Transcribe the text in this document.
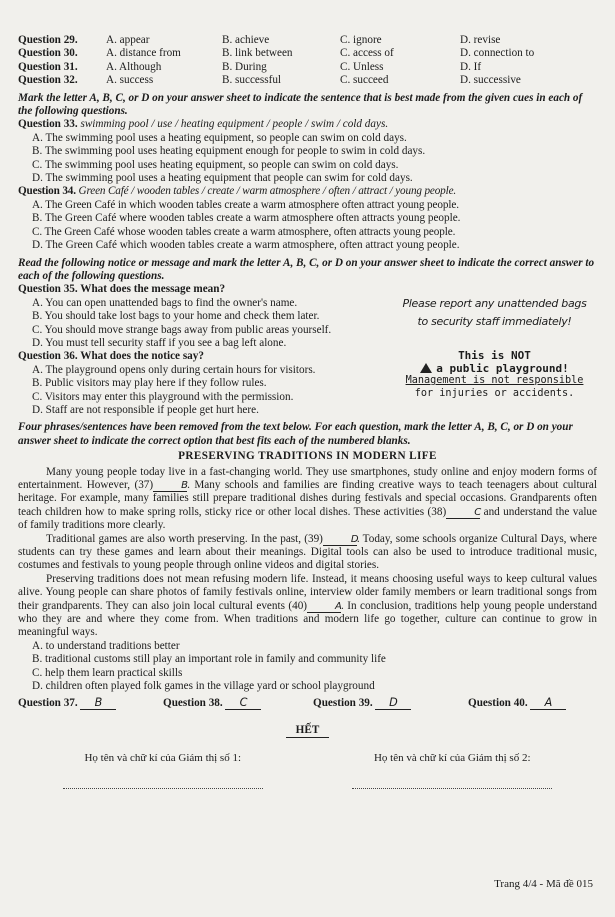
Question 29.	A. appear	B. achieve	C. ignore	D. revise
Question 30.	A. distance from	B. link between	C. access of	D. connection to
Question 31.	A. Although	B. During	C. Unless	D. If
Question 32.	A. success	B. successful	C. succeed	D. successive
Mark the letter A, B, C, or D on your answer sheet to indicate the sentence that is best made from the given cues in each of the following questions.
Question 33. swimming pool / use / heating equipment / people / swim / cold days.
A. The swimming pool uses a heating equipment, so people can swim on cold days.
B. The swimming pool uses heating equipment enough for people to swim in cold days.
C. The swimming pool uses heating equipment, so people can swim on cold days.
D. The swimming pool uses a heating equipment that people can swim for cold days.
Question 34. Green Café / wooden tables / create / warm atmosphere / often / attract / young people.
A. The Green Café in which wooden tables create a warm atmosphere often attract young people.
B. The Green Café where wooden tables create a warm atmosphere often attracts young people.
C. The Green Café whose wooden tables create a warm atmosphere, often attracts young people.
D. The Green Café which wooden tables create a warm atmosphere, often attract young people.
Read the following notice or message and mark the letter A, B, C, or D on your answer sheet to indicate the correct answer to each of the following questions.
Question 35. What does the message mean?
A. You can open unattended bags to find the owner's name.
B. You should take lost bags to your home and check them later.
C. You should move strange bags away from public areas yourself.
D. You must tell security staff if you see a bag left alone.
Please report any unattended bags
to security staff immediately!
Question 36. What does the notice say?
A. The playground opens only during certain hours for visitors.
B. Public visitors may play here if they follow rules.
C. Visitors may enter this playground with the permission.
D. Staff are not responsible if people get hurt here.
This is NOT
a public playground!
Management is not responsible
for injuries or accidents.
Four phrases/sentences have been removed from the text below. For each question, mark the letter A, B, C, or D on your answer sheet to indicate the correct option that best fits each of the numbered blanks.
PRESERVING TRADITIONS IN MODERN LIFE
Many young people today live in a fast-changing world. They use smartphones, study online and enjoy modern forms of entertainment. However, (37)	B. Many schools and families are finding creative ways to teach teenagers about cultural heritage. For example, many families still prepare traditional dishes during festivals and special occasions. Grandparents often teach children how to make spring rolls, sticky rice or other local dishes. These activities (38)	C and understand the value of family traditions more clearly.
Traditional games are also worth preserving. In the past, (39)	D. Today, some schools organize Cultural Days, where students can try these games and learn about their meanings. Digital tools can also be used to introduce traditional music, costumes and festivals to young people through online videos and digital stories.
Preserving traditions does not mean refusing modern life. Instead, it means choosing useful ways to keep cultural values alive. Young people can share photos of family festivals online, interview older family members or learn traditional songs from their grandparents. They can also join local cultural events (40)	A. In conclusion, traditions help young people understand who they are and where they come from. When traditions and modern life go together, culture can continue to grow in meaningful ways.
A. to understand traditions better
B. traditional customs still play an important role in family and community life
C. help them learn practical skills
D. children often played folk games in the village yard or school playground
Question 37. B	Question 38. C	Question 39. D	Question 40. A
HẾT
Họ tên và chữ kí của Giám thị số 1:	Họ tên và chữ kí của Giám thị số 2:
Trang 4/4 - Mã đề 015
